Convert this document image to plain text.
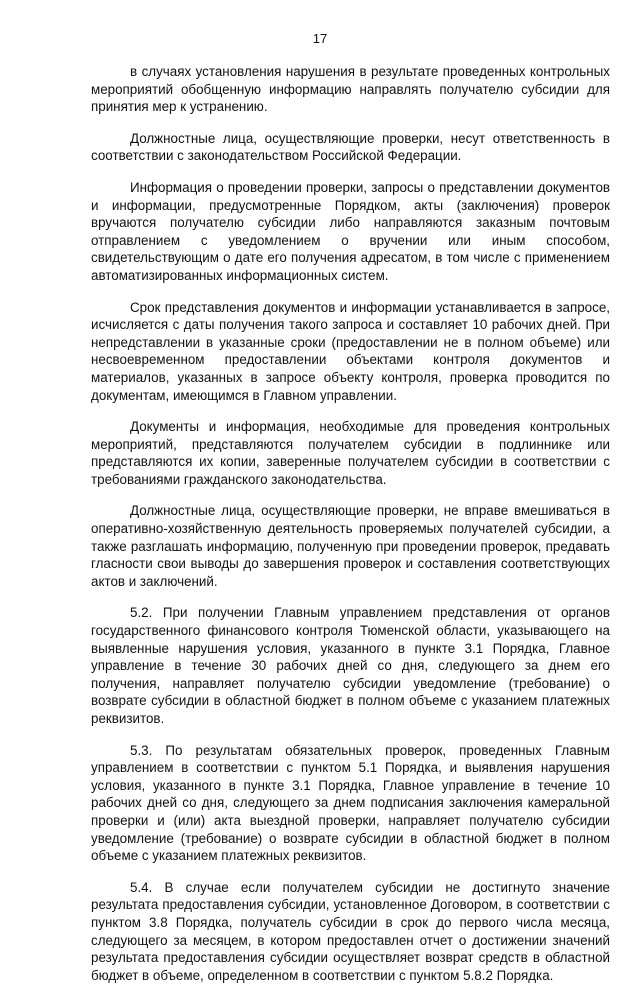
17

в случаях установления нарушения в результате проведенных контрольных мероприятий обобщенную информацию направлять получателю субсидии для принятия мер к устранению.

Должностные лица, осуществляющие проверки, несут ответственность в соответствии с законодательством Российской Федерации.

Информация о проведении проверки, запросы о представлении документов и информации, предусмотренные Порядком, акты (заключения) проверок вручаются получателю субсидии либо направляются заказным почтовым отправлением с уведомлением о вручении или иным способом, свидетельствующим о дате его получения адресатом, в том числе с применением автоматизированных информационных систем.

Срок представления документов и информации устанавливается в запросе, исчисляется с даты получения такого запроса и составляет 10 рабочих дней. При непредставлении в указанные сроки (предоставлении не в полном объеме) или несвоевременном предоставлении объектами контроля документов и материалов, указанных в запросе объекту контроля, проверка проводится по документам, имеющимся в Главном управлении.

Документы и информация, необходимые для проведения контрольных мероприятий, представляются получателем субсидии в подлиннике или представляются их копии, заверенные получателем субсидии в соответствии с требованиями гражданского законодательства.

Должностные лица, осуществляющие проверки, не вправе вмешиваться в оперативно-хозяйственную деятельность проверяемых получателей субсидии, а также разглашать информацию, полученную при проведении проверок, предавать гласности свои выводы до завершения проверок и составления соответствующих актов и заключений.

5.2. При получении Главным управлением представления от органов государственного финансового контроля Тюменской области, указывающего на выявленные нарушения условия, указанного в пункте 3.1 Порядка, Главное управление в течение 30 рабочих дней со дня, следующего за днем его получения, направляет получателю субсидии уведомление (требование) о возврате субсидии в областной бюджет в полном объеме с указанием платежных реквизитов.

5.3. По результатам обязательных проверок, проведенных Главным управлением в соответствии с пунктом 5.1 Порядка, и выявления нарушения условия, указанного в пункте 3.1 Порядка, Главное управление в течение 10 рабочих дней со дня, следующего за днем подписания заключения камеральной проверки и (или) акта выездной проверки, направляет получателю субсидии уведомление (требование) о возврате субсидии в областной бюджет в полном объеме с указанием платежных реквизитов.

5.4. В случае если получателем субсидии не достигнуто значение результата предоставления субсидии, установленное Договором, в соответствии с пунктом 3.8 Порядка, получатель субсидии в срок до первого числа месяца, следующего за месяцем, в котором предоставлен отчет о достижении значений результата предоставления субсидии осуществляет возврат средств в областной бюджет в объеме, определенном в соответствии с пунктом 5.8.2 Порядка.
